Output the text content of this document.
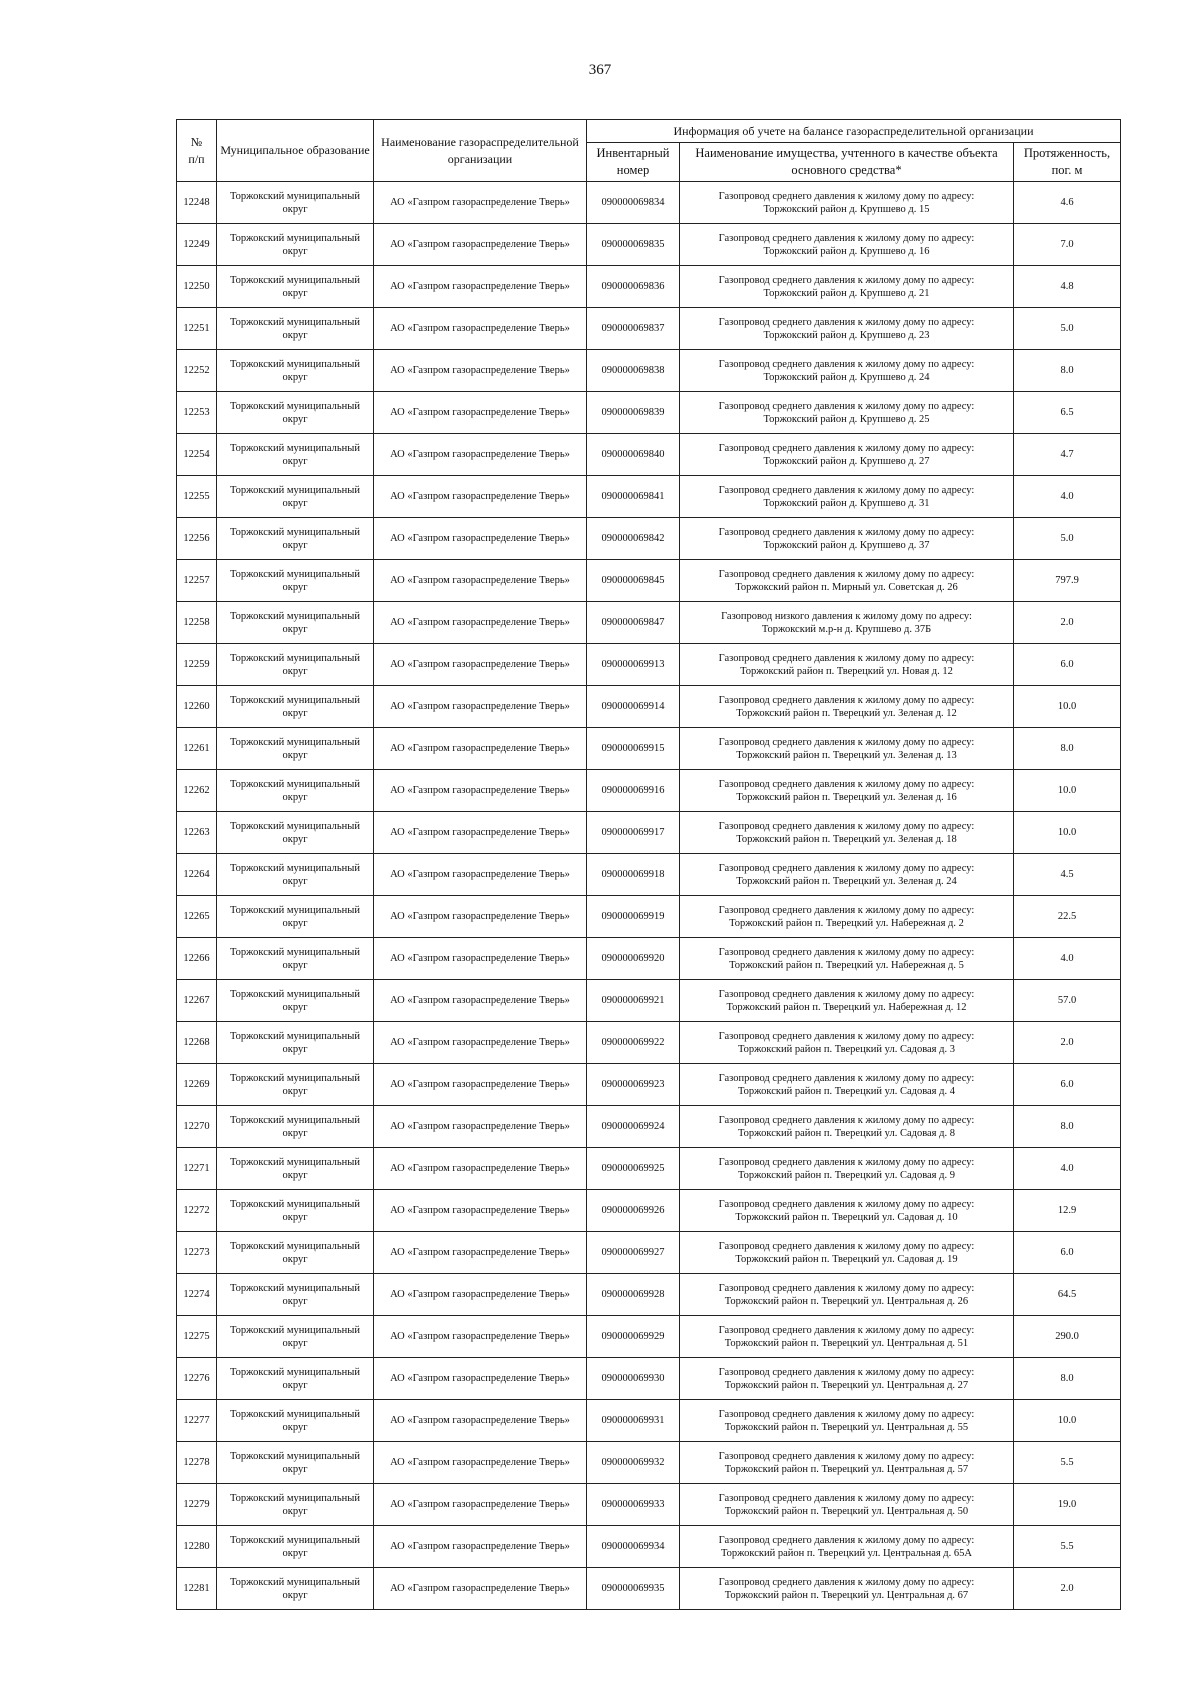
367
№
п/п	Муниципальное образование	Наименование газораспределительной организации	Информация об учете на балансе газораспределительной организации		
			Инвентарный номер	Наименование имущества, учтенного в качестве объекта основного средства*	Протяженность, пог. м
12248	Торжокский муниципальный округ	АО «Газпром газораспределение Тверь»	090000069834	Газопровод среднего давления к жилому дому по адресу:
Торжокский район д. Крупшево д. 15	4.6
12249	Торжокский муниципальный округ	АО «Газпром газораспределение Тверь»	090000069835	Газопровод среднего давления к жилому дому по адресу:
Торжокский район д. Крупшево д. 16	7.0
12250	Торжокский муниципальный округ	АО «Газпром газораспределение Тверь»	090000069836	Газопровод среднего давления к жилому дому по адресу:
Торжокский район д. Крупшево д. 21	4.8
12251	Торжокский муниципальный округ	АО «Газпром газораспределение Тверь»	090000069837	Газопровод среднего давления к жилому дому по адресу:
Торжокский район д. Крупшево д. 23	5.0
12252	Торжокский муниципальный округ	АО «Газпром газораспределение Тверь»	090000069838	Газопровод среднего давления к жилому дому по адресу:
Торжокский район д. Крупшево д. 24	8.0
12253	Торжокский муниципальный округ	АО «Газпром газораспределение Тверь»	090000069839	Газопровод среднего давления к жилому дому по адресу:
Торжокский район д. Крупшево д. 25	6.5
12254	Торжокский муниципальный округ	АО «Газпром газораспределение Тверь»	090000069840	Газопровод среднего давления к жилому дому по адресу:
Торжокский район д. Крупшево д. 27	4.7
12255	Торжокский муниципальный округ	АО «Газпром газораспределение Тверь»	090000069841	Газопровод среднего давления к жилому дому по адресу:
Торжокский район д. Крупшево д. 31	4.0
12256	Торжокский муниципальный округ	АО «Газпром газораспределение Тверь»	090000069842	Газопровод среднего давления к жилому дому по адресу:
Торжокский район д. Крупшево д. 37	5.0
12257	Торжокский муниципальный округ	АО «Газпром газораспределение Тверь»	090000069845	Газопровод среднего давления к жилому дому по адресу:
Торжокский район п. Мирный ул. Советская д. 26	797.9
12258	Торжокский муниципальный округ	АО «Газпром газораспределение Тверь»	090000069847	Газопровод низкого давления к жилому дому по адресу:
Торжокский м.р-н д. Крупшево д. 37Б	2.0
12259	Торжокский муниципальный округ	АО «Газпром газораспределение Тверь»	090000069913	Газопровод среднего давления к жилому дому по адресу:
Торжокский район п. Тверецкий ул. Новая д. 12	6.0
12260	Торжокский муниципальный округ	АО «Газпром газораспределение Тверь»	090000069914	Газопровод среднего давления к жилому дому по адресу:
Торжокский район п. Тверецкий ул. Зеленая д. 12	10.0
12261	Торжокский муниципальный округ	АО «Газпром газораспределение Тверь»	090000069915	Газопровод среднего давления к жилому дому по адресу:
Торжокский район п. Тверецкий ул. Зеленая д. 13	8.0
12262	Торжокский муниципальный округ	АО «Газпром газораспределение Тверь»	090000069916	Газопровод среднего давления к жилому дому по адресу:
Торжокский район п. Тверецкий ул. Зеленая д. 16	10.0
12263	Торжокский муниципальный округ	АО «Газпром газораспределение Тверь»	090000069917	Газопровод среднего давления к жилому дому по адресу:
Торжокский район п. Тверецкий ул. Зеленая д. 18	10.0
12264	Торжокский муниципальный округ	АО «Газпром газораспределение Тверь»	090000069918	Газопровод среднего давления к жилому дому по адресу:
Торжокский район п. Тверецкий ул. Зеленая д. 24	4.5
12265	Торжокский муниципальный округ	АО «Газпром газораспределение Тверь»	090000069919	Газопровод среднего давления к жилому дому по адресу:
Торжокский район п. Тверецкий ул. Набережная д. 2	22.5
12266	Торжокский муниципальный округ	АО «Газпром газораспределение Тверь»	090000069920	Газопровод среднего давления к жилому дому по адресу:
Торжокский район п. Тверецкий ул. Набережная д. 5	4.0
12267	Торжокский муниципальный округ	АО «Газпром газораспределение Тверь»	090000069921	Газопровод среднего давления к жилому дому по адресу:
Торжокский район п. Тверецкий ул. Набережная д. 12	57.0
12268	Торжокский муниципальный округ	АО «Газпром газораспределение Тверь»	090000069922	Газопровод среднего давления к жилому дому по адресу:
Торжокский район п. Тверецкий ул. Садовая д. 3	2.0
12269	Торжокский муниципальный округ	АО «Газпром газораспределение Тверь»	090000069923	Газопровод среднего давления к жилому дому по адресу:
Торжокский район п. Тверецкий ул. Садовая д. 4	6.0
12270	Торжокский муниципальный округ	АО «Газпром газораспределение Тверь»	090000069924	Газопровод среднего давления к жилому дому по адресу:
Торжокский район п. Тверецкий ул. Садовая д. 8	8.0
12271	Торжокский муниципальный округ	АО «Газпром газораспределение Тверь»	090000069925	Газопровод среднего давления к жилому дому по адресу:
Торжокский район п. Тверецкий ул. Садовая д. 9	4.0
12272	Торжокский муниципальный округ	АО «Газпром газораспределение Тверь»	090000069926	Газопровод среднего давления к жилому дому по адресу:
Торжокский район п. Тверецкий ул. Садовая д. 10	12.9
12273	Торжокский муниципальный округ	АО «Газпром газораспределение Тверь»	090000069927	Газопровод среднего давления к жилому дому по адресу:
Торжокский район п. Тверецкий ул. Садовая д. 19	6.0
12274	Торжокский муниципальный округ	АО «Газпром газораспределение Тверь»	090000069928	Газопровод среднего давления к жилому дому по адресу:
Торжокский район п. Тверецкий ул. Центральная д. 26	64.5
12275	Торжокский муниципальный округ	АО «Газпром газораспределение Тверь»	090000069929	Газопровод среднего давления к жилому дому по адресу:
Торжокский район п. Тверецкий ул. Центральная д. 51	290.0
12276	Торжокский муниципальный округ	АО «Газпром газораспределение Тверь»	090000069930	Газопровод среднего давления к жилому дому по адресу:
Торжокский район п. Тверецкий ул. Центральная д. 27	8.0
12277	Торжокский муниципальный округ	АО «Газпром газораспределение Тверь»	090000069931	Газопровод среднего давления к жилому дому по адресу:
Торжокский район п. Тверецкий ул. Центральная д. 55	10.0
12278	Торжокский муниципальный округ	АО «Газпром газораспределение Тверь»	090000069932	Газопровод среднего давления к жилому дому по адресу:
Торжокский район п. Тверецкий ул. Центральная д. 57	5.5
12279	Торжокский муниципальный округ	АО «Газпром газораспределение Тверь»	090000069933	Газопровод среднего давления к жилому дому по адресу:
Торжокский район п. Тверецкий ул. Центральная д. 50	19.0
12280	Торжокский муниципальный округ	АО «Газпром газораспределение Тверь»	090000069934	Газопровод среднего давления к жилому дому по адресу:
Торжокский район п. Тверецкий ул. Центральная д. 65А	5.5
12281	Торжокский муниципальный округ	АО «Газпром газораспределение Тверь»	090000069935	Газопровод среднего давления к жилому дому по адресу:
Торжокский район п. Тверецкий ул. Центральная д. 67	2.0
